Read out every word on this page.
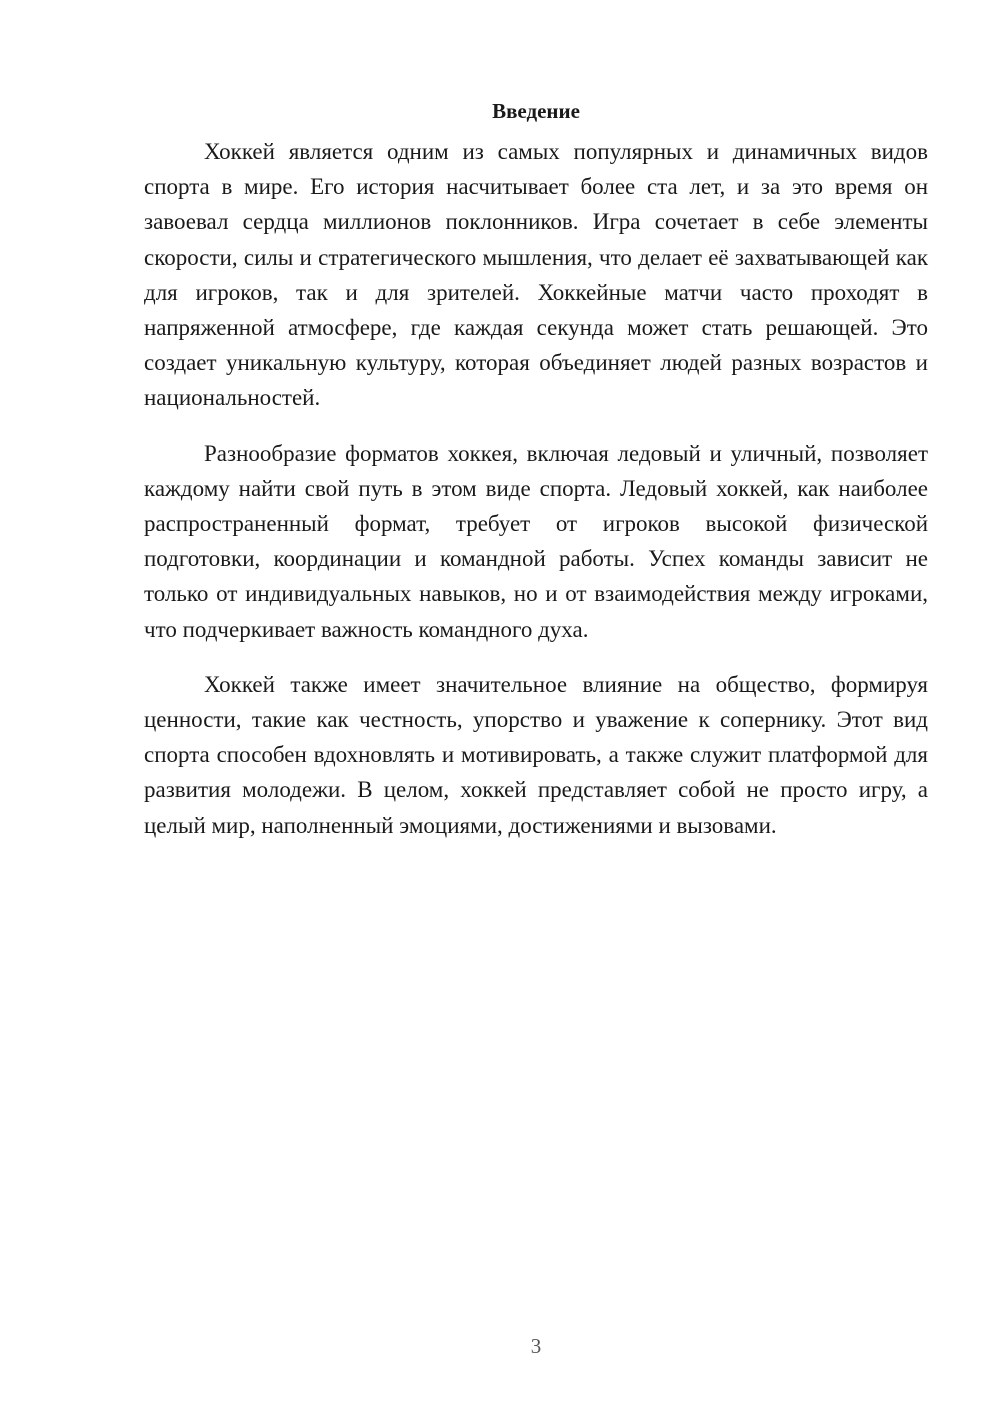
Введение

Хоккей является одним из самых популярных и динамичных видов спорта в мире. Его история насчитывает более ста лет, и за это время он завоевал сердца миллионов поклонников. Игра сочетает в себе элементы скорости, силы и стратегического мышления, что делает её захватывающей как для игроков, так и для зрителей. Хоккейные матчи часто проходят в напряженной атмосфере, где каждая секунда может стать решающей. Это создает уникальную культуру, которая объединяет людей разных возрастов и национальностей.

Разнообразие форматов хоккея, включая ледовый и уличный, позволяет каждому найти свой путь в этом виде спорта. Ледовый хоккей, как наиболее распространенный формат, требует от игроков высокой физической подготовки, координации и командной работы. Успех команды зависит не только от индивидуальных навыков, но и от взаимодействия между игроками, что подчеркивает важность командного духа.

Хоккей также имеет значительное влияние на общество, формируя ценности, такие как честность, упорство и уважение к сопернику. Этот вид спорта способен вдохновлять и мотивировать, а также служит платформой для развития молодежи. В целом, хоккей представляет собой не просто игру, а целый мир, наполненный эмоциями, достижениями и вызовами.

3
